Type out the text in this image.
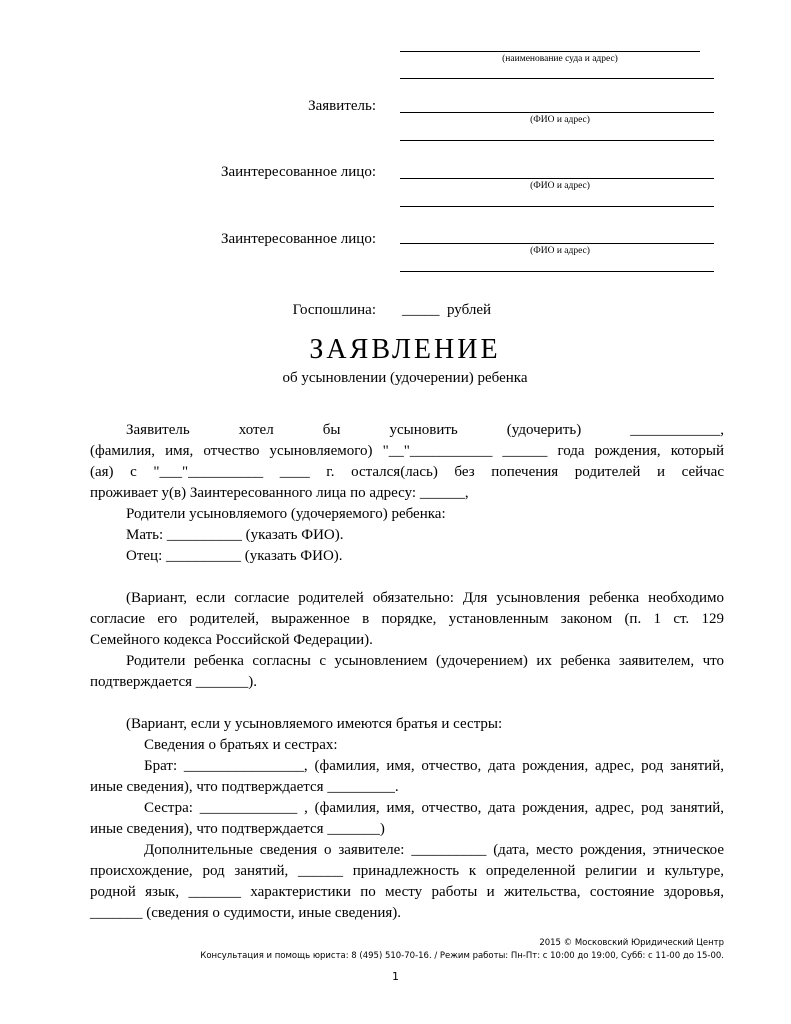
(наименование суда и адрес)
Заявитель:
(ФИО и адрес)
Заинтересованное лицо:
(ФИО и адрес)
Заинтересованное лицо:
(ФИО и адрес)
Госпошлина: _____  рублей
ЗАЯВЛЕНИЕ
об усыновлении (удочерении) ребенка
Заявитель	хотел	бы	усыновить	(удочерить)	____________,
(фамилия, имя, отчество усыновляемого) "__"___________ ______ года рождения, который
(ая) с "___"__________ ____ г. остался(лась) без попечения родителей и сейчас
проживает у(в) Заинтересованного лица по адресу: ______,
Родители усыновляемого (удочеряемого) ребенка:
Мать: __________ (указать ФИО).
Отец: __________ (указать ФИО).
(Вариант, если согласие родителей обязательно: Для усыновления ребенка необходимо
согласие его родителей, выраженное в порядке, установленным законом (п. 1 ст. 129
Семейного кодекса Российской Федерации).
Родители ребенка согласны с усыновлением (удочерением) их ребенка заявителем, что
подтверждается _______).
(Вариант, если у усыновляемого имеются братья и сестры:
Сведения о братьях и сестрах:
Брат: ________________, (фамилия, имя, отчество, дата рождения, адрес, род занятий,
иные сведения), что подтверждается _________.
Сестра: _____________ , (фамилия, имя, отчество, дата рождения, адрес, род занятий,
иные сведения), что подтверждается _______)
Дополнительные сведения о заявителе: __________ (дата, место рождения, этническое
происхождение, род занятий, ______ принадлежность к определенной религии и культуре,
родной язык, _______ характеристики по месту работы и жительства, состояние здоровья,
_______ (сведения о судимости, иные сведения).
2015 © Московский Юридический Центр
Консультация и помощь юриста: 8 (495) 510-70-16. / Режим работы: Пн-Пт: с 10:00 до 19:00, Субб: с 11-00 до 15-00.
1
